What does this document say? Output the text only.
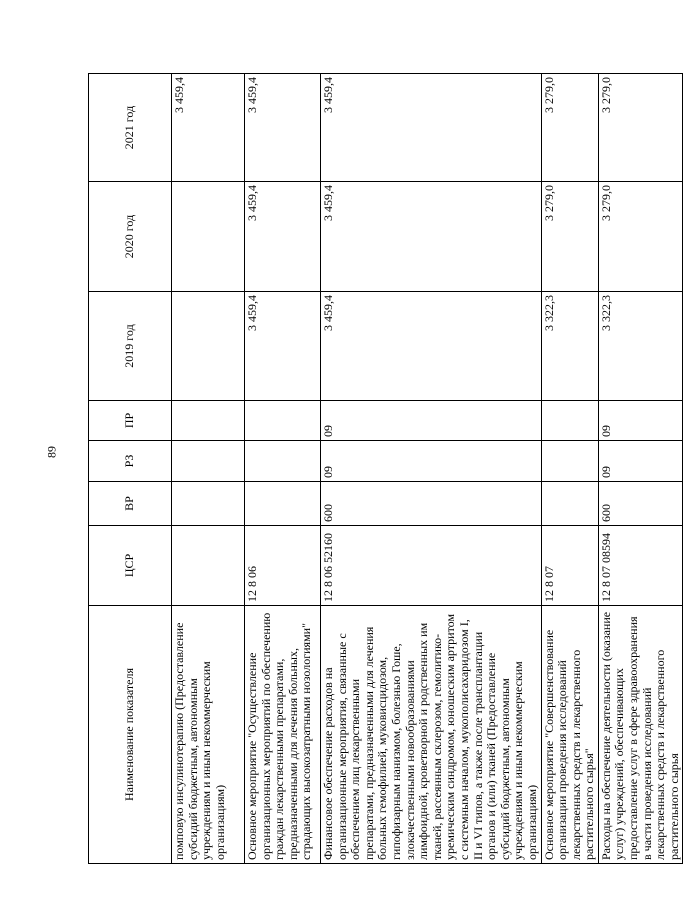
89
Наименование показателя	ЦСР	ВР	РЗ	ПР	2019 год	2020 год	2021 год
помповую инсулинотерапию (Предоставление субсидий бюджетным, автономным учреждениям и иным некоммерческим организациям)							3 459,4
Основное мероприятие "Осуществление организационных мероприятий по обеспечению граждан лекарственными препаратами, предназначенными для лечения больных, страдающих высокозатратными нозологиями"	12 8 06				3 459,4	3 459,4	3 459,4
Финансовое обеспечение расходов на организационные мероприятия, связанные с обеспечением лиц лекарственными препаратами, предназначенными для лечения больных гемофилией, муковисцидозом, гипофизарным нанизмом, болезнью Гоше, злокачественными новообразованиями лимфоидной, кроветворной и родственных им тканей, рассеянным склерозом, гемолитико-уремическим синдромом, юношеским артритом с системным началом, мукополисахаридозом I, II и VI типов, а также после трансплантации органов и (или) тканей (Предоставление субсидий бюджетным, автономным учреждениям и иным некоммерческим организациям)	12 8 06 52160	600	09	09	3 459,4	3 459,4	3 459,4
Основное мероприятие "Совершенствование организации проведения исследований лекарственных средств и лекарственного растительного сырья"	12 8 07				3 322,3	3 279,0	3 279,0
Расходы на обеспечение деятельности (оказание услуг) учреждений, обеспечивающих предоставление услуг в сфере здравоохранения в части проведения исследований лекарственных средств и лекарственного растительного сырья	12 8 07 08594	600	09	09	3 322,3	3 279,0	3 279,0
